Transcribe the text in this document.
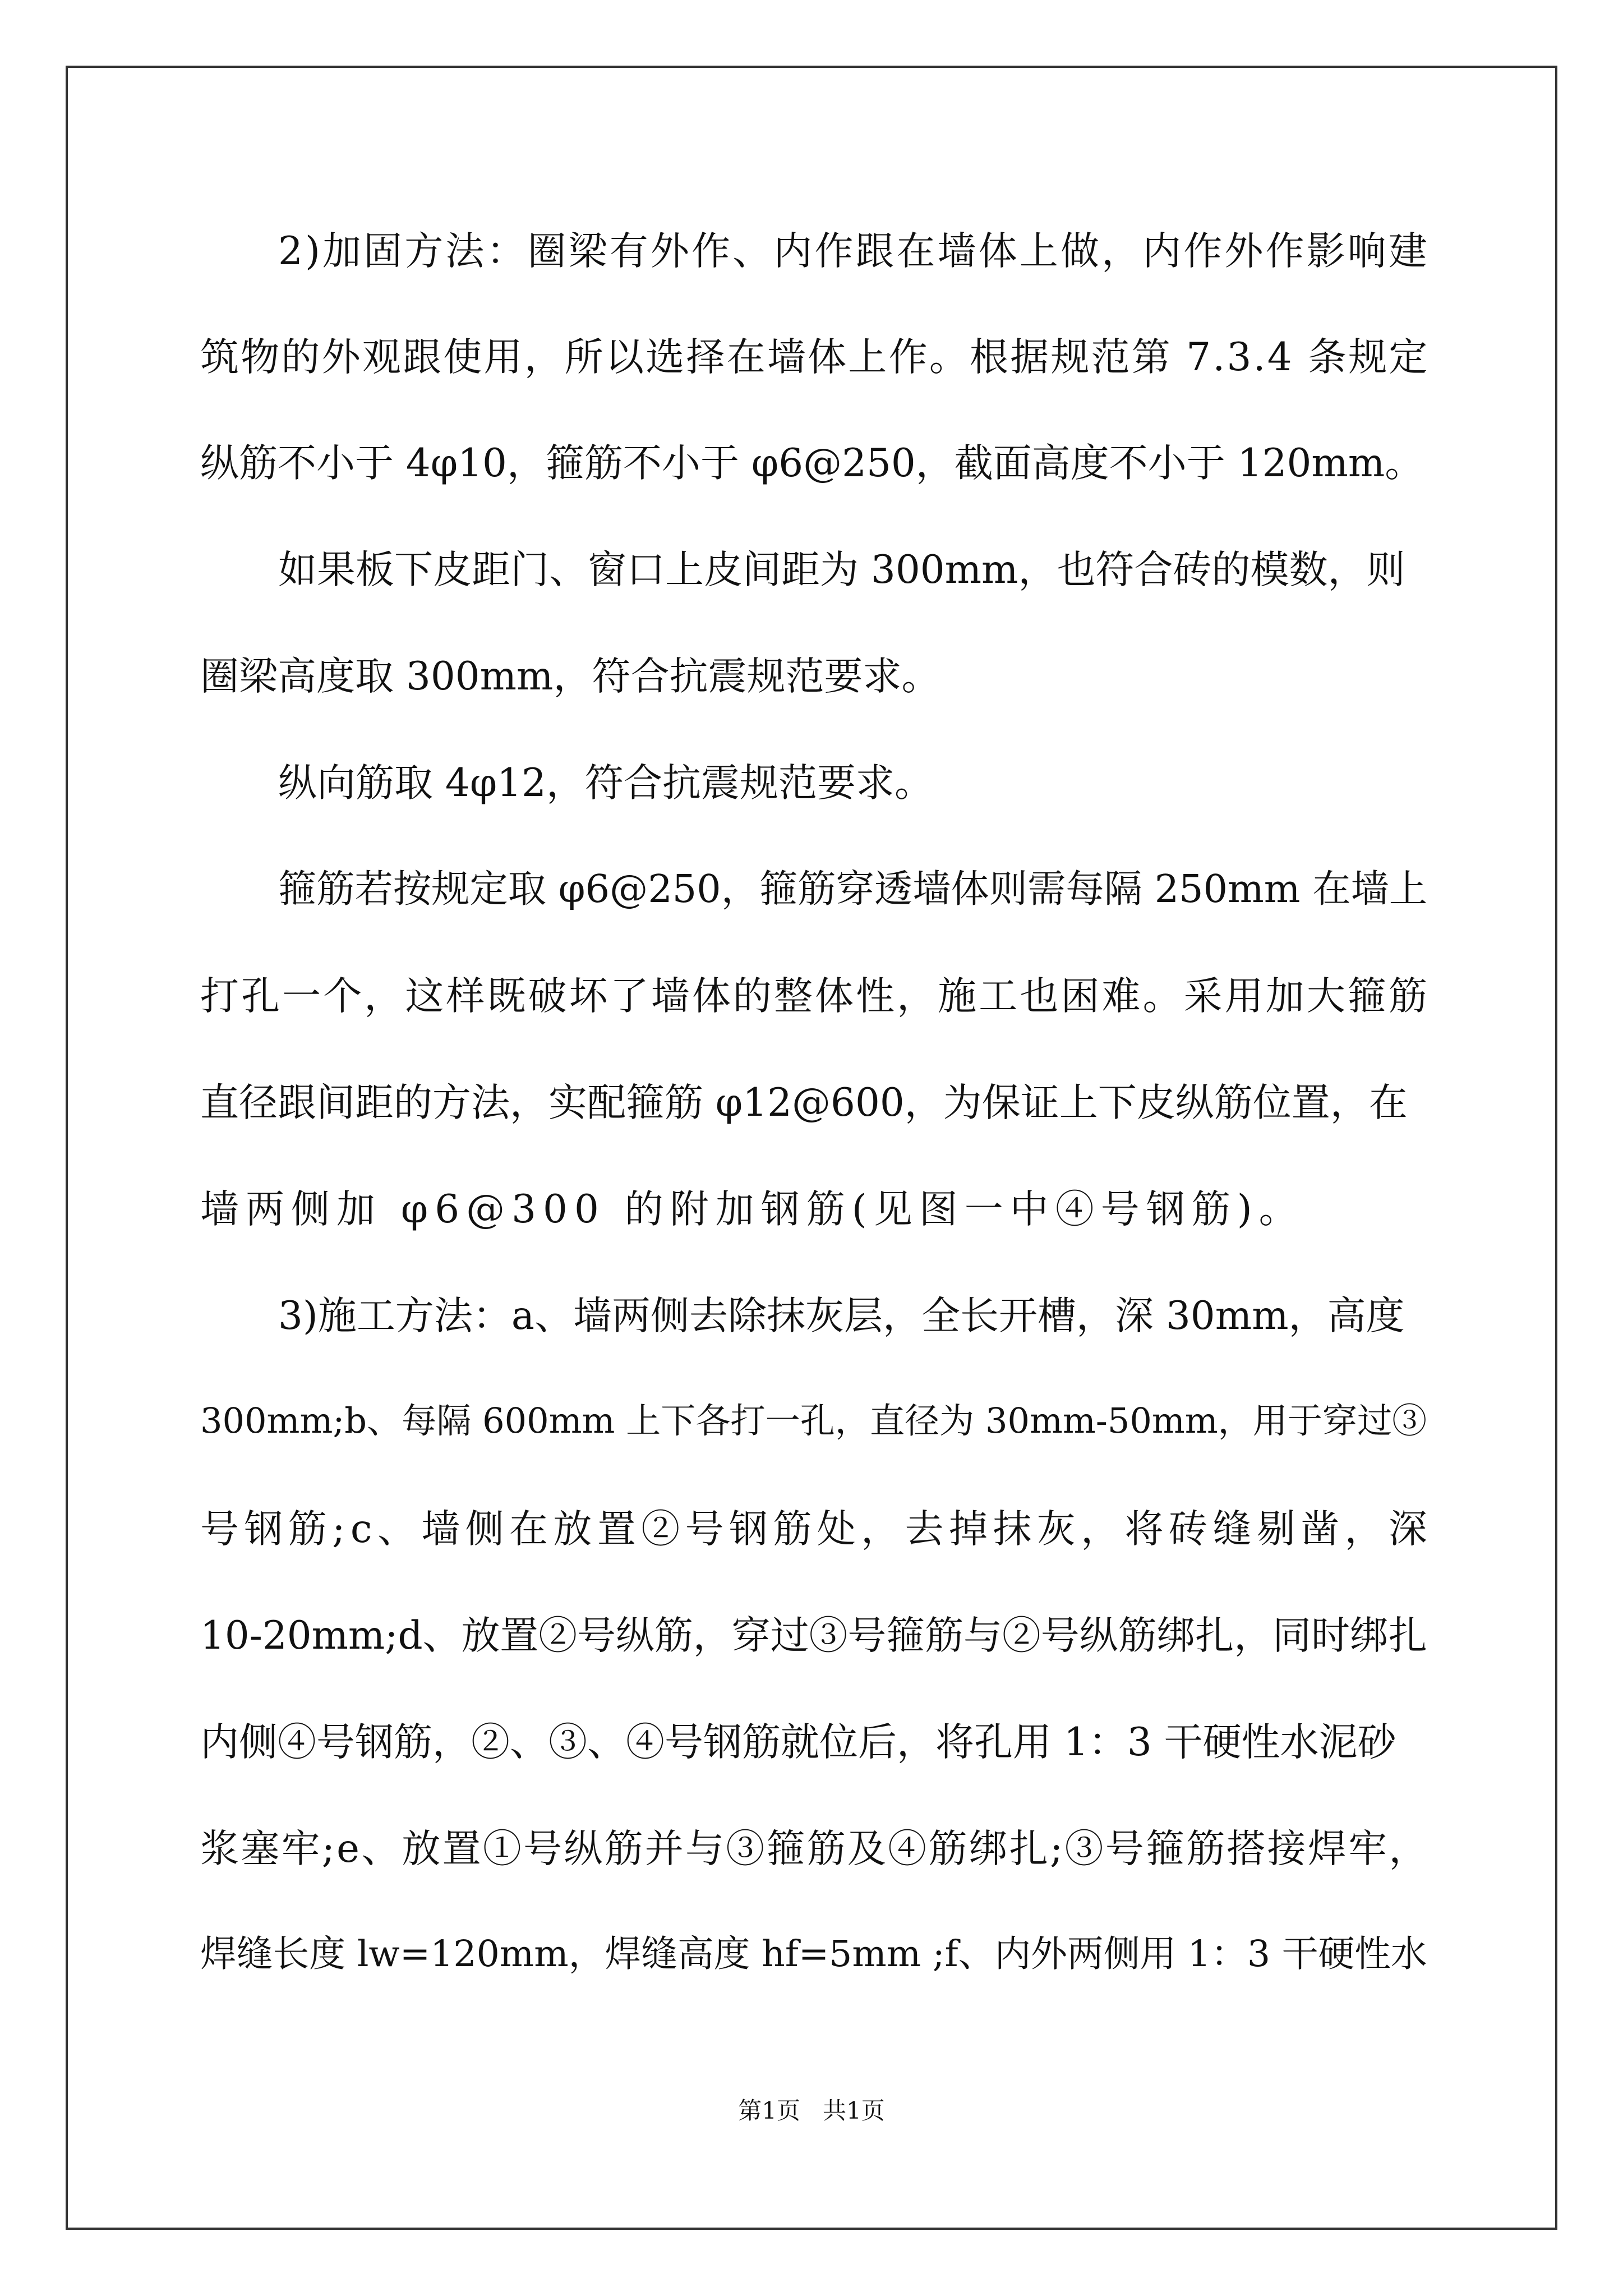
2)加固方法：圈梁有外作、内作跟在墙体上做，内作外作影响建
筑物的外观跟使用，所以选择在墙体上作。根据规范第 7.3.4 条规定
纵筋不小于 4φ10，箍筋不小于 φ6@250，截面高度不小于 120mm。
如果板下皮距门、窗口上皮间距为 300mm，也符合砖的模数，则
圈梁高度取 300mm，符合抗震规范要求。
纵向筋取 4φ12，符合抗震规范要求。
箍筋若按规定取 φ6@250，箍筋穿透墙体则需每隔 250mm 在墙上
打孔一个，这样既破坏了墙体的整体性，施工也困难。采用加大箍筋
直径跟间距的方法，实配箍筋 φ12@600，为保证上下皮纵筋位置，在
墙两侧加 φ6@300 的附加钢筋(见图一中④号钢筋)。
3)施工方法：a、墙两侧去除抹灰层，全长开槽，深 30mm，高度
300mm;b、每隔 600mm 上下各打一孔，直径为 30mm-50mm，用于穿过③
号钢筋;c、墙侧在放置②号钢筋处，去掉抹灰，将砖缝剔凿，深
10-20mm;d、放置②号纵筋，穿过③号箍筋与②号纵筋绑扎，同时绑扎
内侧④号钢筋，②、③、④号钢筋就位后，将孔用 1：3 干硬性水泥砂
浆塞牢;e、放置①号纵筋并与③箍筋及④筋绑扎;③号箍筋搭接焊牢，
焊缝长度 lw=120mm，焊缝高度 hf=5mm ;f、内外两侧用 1：3 干硬性水
第1页   共1页
